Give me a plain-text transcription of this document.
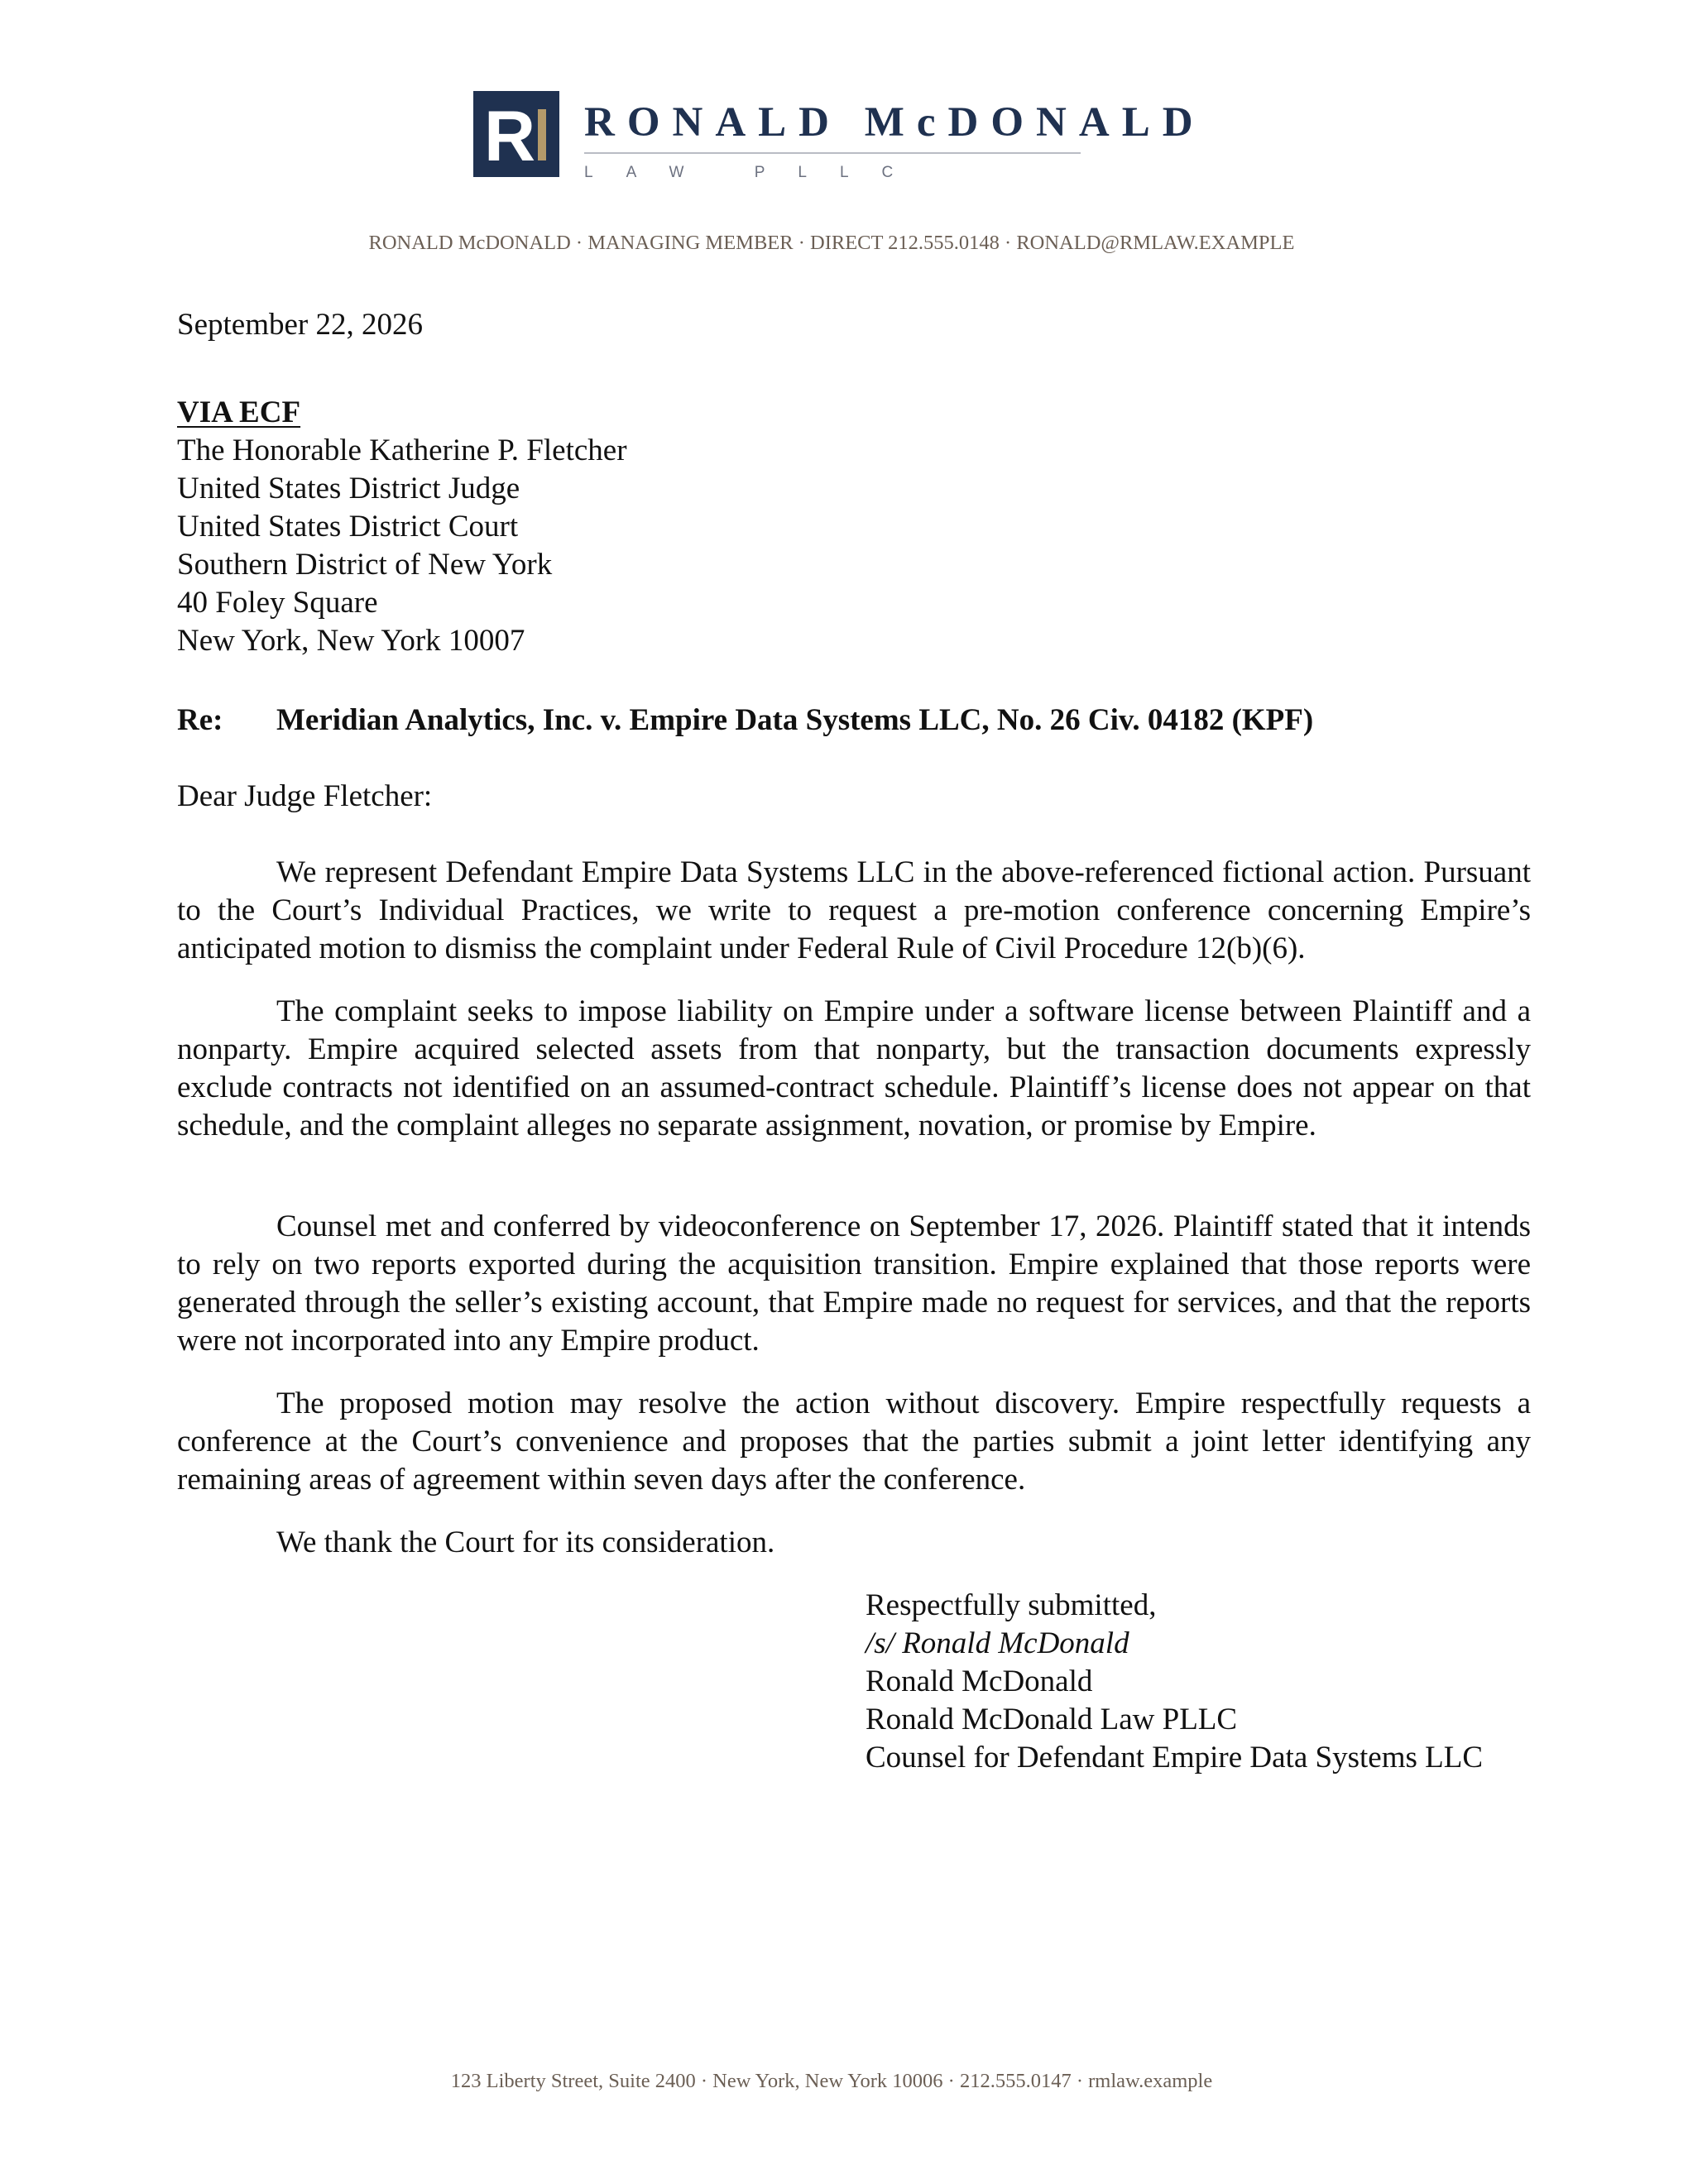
R RONALD McDONALD
LAW PLLC
RONALD McDONALD · MANAGING MEMBER · DIRECT 212.555.0148 · RONALD@RMLAW.EXAMPLE
September 22, 2026
VIA ECF
The Honorable Katherine P. Fletcher
United States District Judge
United States District Court
Southern District of New York
40 Foley Square
New York, New York 10007
Re: Meridian Analytics, Inc. v. Empire Data Systems LLC, No. 26 Civ. 04182 (KPF)
Dear Judge Fletcher:

We represent Defendant Empire Data Systems LLC in the above-referenced fictional action. Pursuant to the Court’s Individual Practices, we write to request a pre-motion conference concerning Empire’s anticipated motion to dismiss the complaint under Federal Rule of Civil Procedure 12(b)(6).

The complaint seeks to impose liability on Empire under a software license between Plaintiff and a nonparty. Empire acquired selected assets from that nonparty, but the transaction documents expressly exclude contracts not identified on an assumed-contract schedule. Plaintiff’s license does not appear on that schedule, and the complaint alleges no separate assignment, novation, or promise by Empire.

Counsel met and conferred by videoconference on September 17, 2026. Plaintiff stated that it intends to rely on two reports exported during the acquisition transition. Empire explained that those reports were generated through the seller’s existing account, that Empire made no request for services, and that the reports were not incorporated into any Empire product.

The proposed motion may resolve the action without discovery. Empire respectfully requests a conference at the Court’s convenience and proposes that the parties submit a joint letter identifying any remaining areas of agreement within seven days after the conference.

We thank the Court for its consideration.

Respectfully submitted,
/s/ Ronald McDonald
Ronald McDonald
Ronald McDonald Law PLLC
Counsel for Defendant Empire Data Systems LLC
123 Liberty Street, Suite 2400 · New York, New York 10006 · 212.555.0147 · rmlaw.example
